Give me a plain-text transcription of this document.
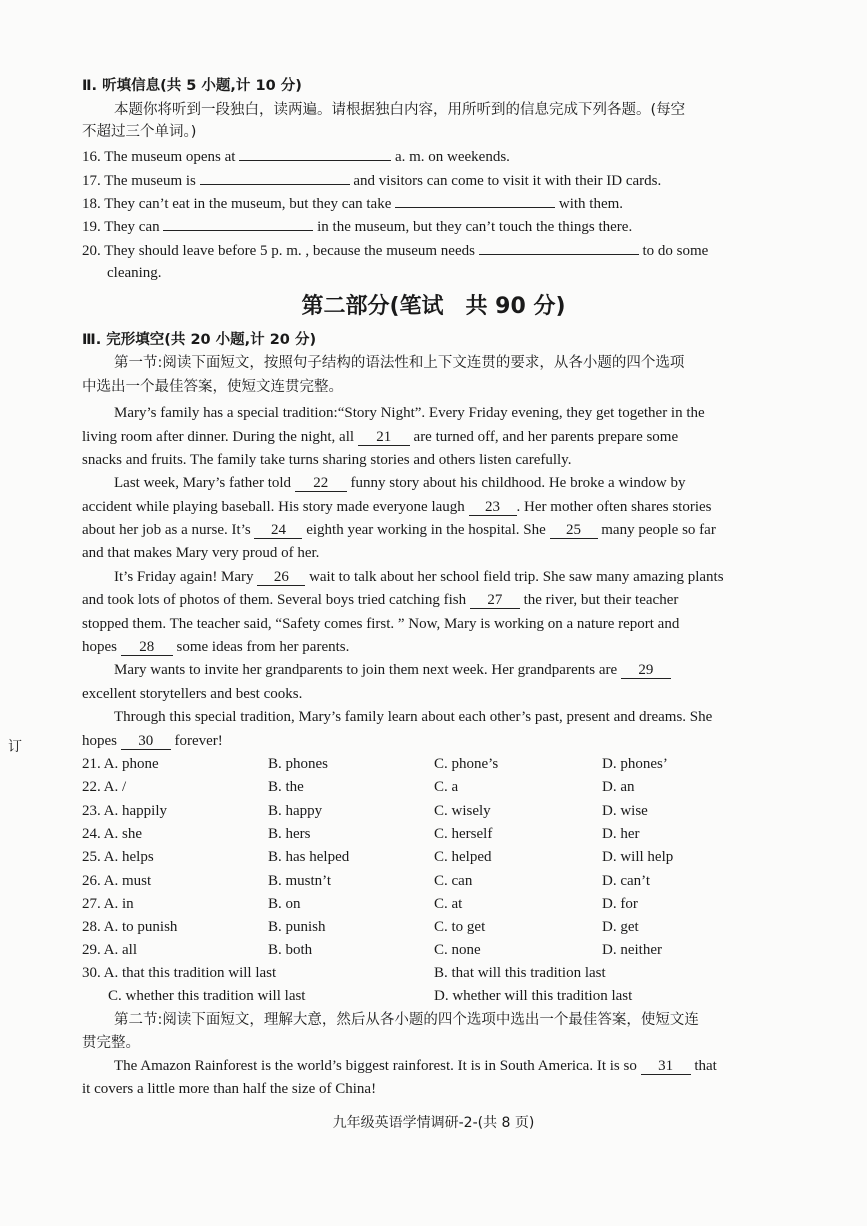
Ⅱ. 听填信息(共 5 小题,计 10 分)
本题你将听到一段独白，读两遍。请根据独白内容，用所听到的信息完成下列各题。(每空
不超过三个单词。)
16. The museum opens at	a. m. on weekends.
17. The museum is	and visitors can come to visit it with their ID cards.
18. They can’t eat in the museum, but they can take	with them.
19. They can	in the museum, but they can’t touch the things there.
20. They should leave before 5 p. m. , because the museum needs	to do some
cleaning.
第二部分(笔试　共 90 分)
Ⅲ. 完形填空(共 20 小题,计 20 分)
第一节:阅读下面短文，按照句子结构的语法性和上下文连贯的要求，从各小题的四个选项
中选出一个最佳答案，使短文连贯完整。
Mary’s family has a special tradition:“Story Night”. Every Friday evening, they get together in the
living room after dinner. During the night, all 21 are turned off, and her parents prepare some
snacks and fruits. The family take turns sharing stories and others listen carefully.
Last week, Mary’s father told 22 funny story about his childhood. He broke a window by
accident while playing baseball. His story made everyone laugh 23 . Her mother often shares stories
about her job as a nurse. It’s 24 eighth year working in the hospital. She 25 many people so far
and that makes Mary very proud of her.
It’s Friday again! Mary 26 wait to talk about her school field trip. She saw many amazing plants
and took lots of photos of them. Several boys tried catching fish 27 the river, but their teacher
stopped them. The teacher said, “Safety comes first. ” Now, Mary is working on a nature report and
hopes 28 some ideas from her parents.
Mary wants to invite her grandparents to join them next week. Her grandparents are 29
excellent storytellers and best cooks.
Through this special tradition, Mary’s family learn about each other’s past, present and dreams. She
hopes 30 forever!
订
21. A. phone	B. phones	C. phone’s	D. phones’
22. A. /	B. the	C. a	D. an
23. A. happily	B. happy	C. wisely	D. wise
24. A. she	B. hers	C. herself	D. her
25. A. helps	B. has helped	C. helped	D. will help
26. A. must	B. mustn’t	C. can	D. can’t
27. A. in	B. on	C. at	D. for
28. A. to punish	B. punish	C. to get	D. get
29. A. all	B. both	C. none	D. neither
30. A. that this tradition will last	B. that will this tradition last
C. whether this tradition will last	D. whether will this tradition last
第二节:阅读下面短文，理解大意，然后从各小题的四个选项中选出一个最佳答案，使短文连
贯完整。
The Amazon Rainforest is the world’s biggest rainforest. It is in South America. It is so 31 that
it covers a little more than half the size of China!
九年级英语学情调研-2-(共 8 页)
